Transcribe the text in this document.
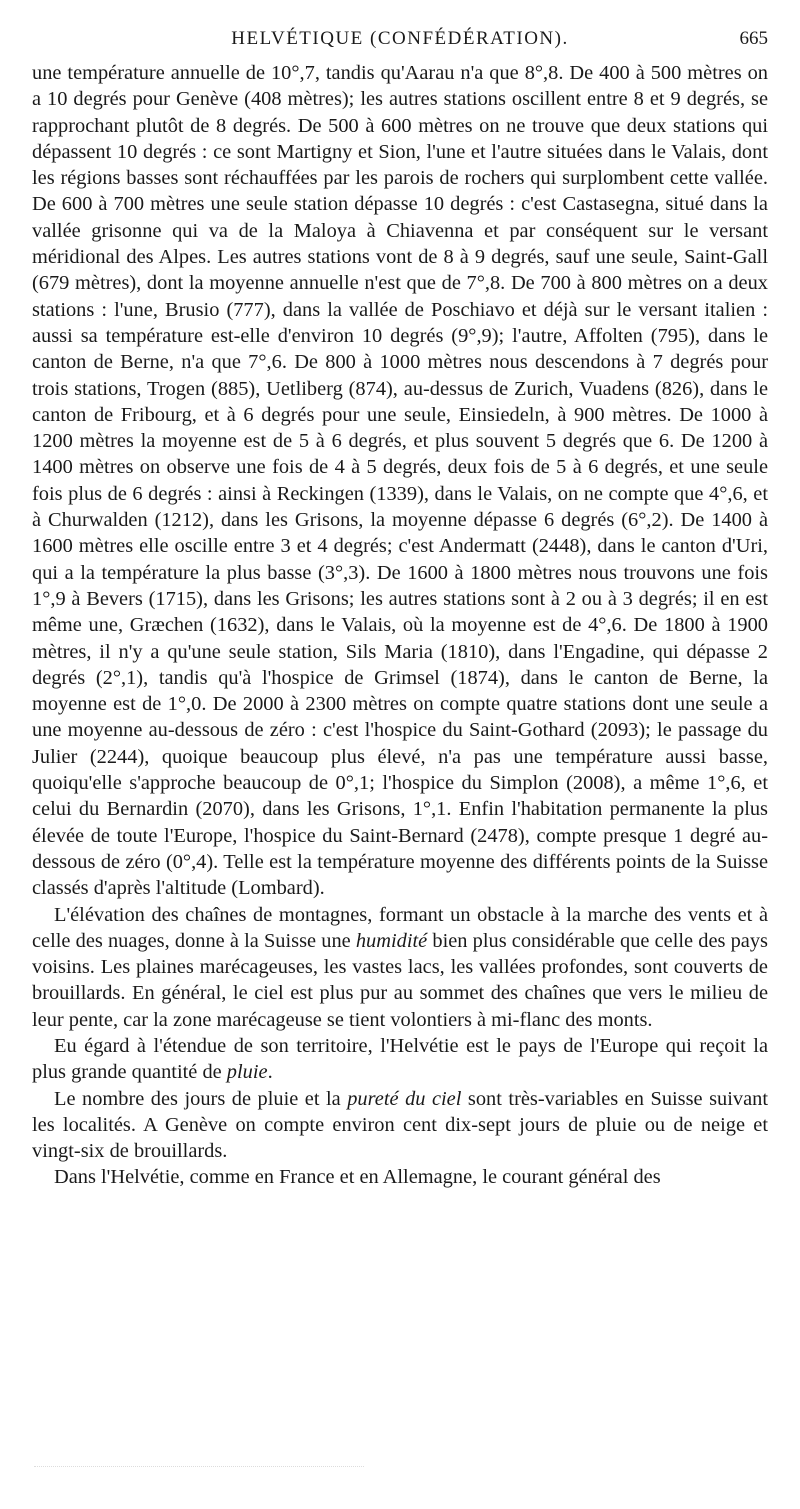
HELVÉTIQUE (CONFÉDÉRATION).	665

une température annuelle de 10°,7, tandis qu'Aarau n'a que 8°,8. De 400 à 500 mètres on a 10 degrés pour Genève (408 mètres); les autres stations oscillent entre 8 et 9 degrés, se rapprochant plutôt de 8 degrés. De 500 à 600 mètres on ne trouve que deux stations qui dépassent 10 degrés : ce sont Martigny et Sion, l'une et l'autre situées dans le Valais, dont les régions basses sont réchauffées par les parois de rochers qui surplombent cette vallée. De 600 à 700 mètres une seule station dépasse 10 degrés : c'est Castasegna, situé dans la vallée grisonne qui va de la Maloya à Chiavenna et par conséquent sur le versant méridional des Alpes. Les autres stations vont de 8 à 9 degrés, sauf une seule, Saint-Gall (679 mètres), dont la moyenne annuelle n'est que de 7°,8. De 700 à 800 mètres on a deux stations : l'une, Brusio (777), dans la vallée de Poschiavo et déjà sur le versant italien : aussi sa température est-elle d'environ 10 degrés (9°,9); l'autre, Affolten (795), dans le canton de Berne, n'a que 7°,6. De 800 à 1000 mètres nous descendons à 7 degrés pour trois stations, Trogen (885), Uetliberg (874), au-dessus de Zurich, Vuadens (826), dans le canton de Fribourg, et à 6 degrés pour une seule, Einsiedeln, à 900 mètres. De 1000 à 1200 mètres la moyenne est de 5 à 6 degrés, et plus souvent 5 degrés que 6. De 1200 à 1400 mètres on observe une fois de 4 à 5 degrés, deux fois de 5 à 6 degrés, et une seule fois plus de 6 degrés : ainsi à Reckingen (1339), dans le Valais, on ne compte que 4°,6, et à Churwalden (1212), dans les Grisons, la moyenne dépasse 6 degrés (6°,2). De 1400 à 1600 mètres elle oscille entre 3 et 4 degrés; c'est Andermatt (2448), dans le canton d'Uri, qui a la température la plus basse (3°,3). De 1600 à 1800 mètres nous trouvons une fois 1°,9 à Bevers (1715), dans les Grisons; les autres stations sont à 2 ou à 3 degrés; il en est même une, Græchen (1632), dans le Valais, où la moyenne est de 4°,6. De 1800 à 1900 mètres, il n'y a qu'une seule station, Sils Maria (1810), dans l'Engadine, qui dépasse 2 degrés (2°,1), tandis qu'à l'hospice de Grimsel (1874), dans le canton de Berne, la moyenne est de 1°,0. De 2000 à 2300 mètres on compte quatre stations dont une seule a une moyenne au-dessous de zéro : c'est l'hospice du Saint-Gothard (2093); le passage du Julier (2244), quoique beaucoup plus élevé, n'a pas une température aussi basse, quoiqu'elle s'approche beaucoup de 0°,1; l'hospice du Simplon (2008), a même 1°,6, et celui du Bernardin (2070), dans les Grisons, 1°,1. Enfin l'habitation permanente la plus élevée de toute l'Europe, l'hospice du Saint-Bernard (2478), compte presque 1 degré au-dessous de zéro (0°,4). Telle est la température moyenne des différents points de la Suisse classés d'après l'altitude (Lombard).

L'élévation des chaînes de montagnes, formant un obstacle à la marche des vents et à celle des nuages, donne à la Suisse une humidité bien plus considérable que celle des pays voisins. Les plaines marécageuses, les vastes lacs, les vallées profondes, sont couverts de brouillards. En général, le ciel est plus pur au sommet des chaînes que vers le milieu de leur pente, car la zone marécageuse se tient volontiers à mi-flanc des monts.

Eu égard à l'étendue de son territoire, l'Helvétie est le pays de l'Europe qui reçoit la plus grande quantité de pluie.

Le nombre des jours de pluie et la pureté du ciel sont très-variables en Suisse suivant les localités. A Genève on compte environ cent dix-sept jours de pluie ou de neige et vingt-six de brouillards.

Dans l'Helvétie, comme en France et en Allemagne, le courant général des
